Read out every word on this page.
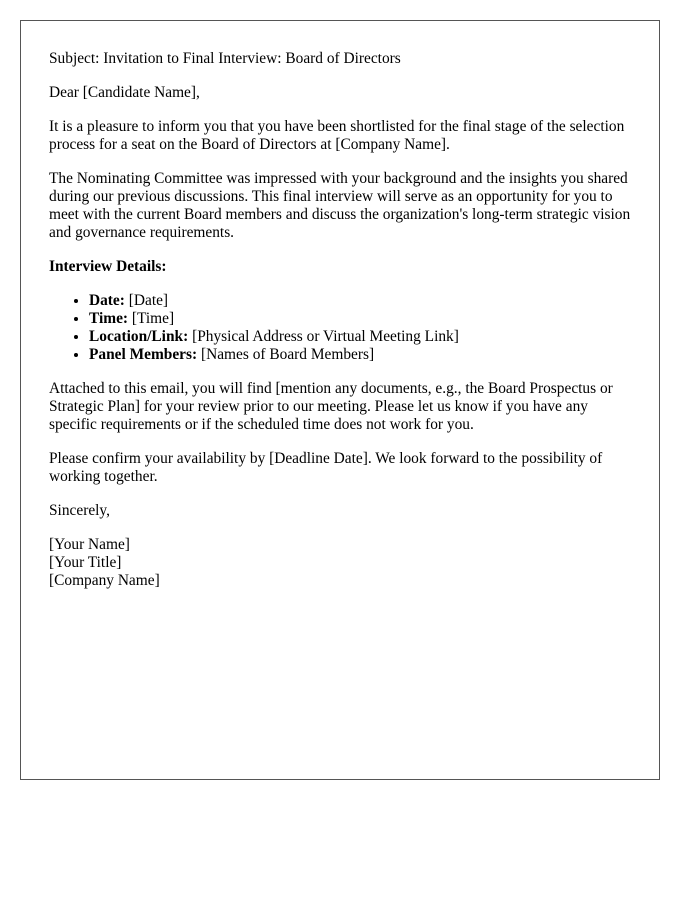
Subject: Invitation to Final Interview: Board of Directors

Dear [Candidate Name],

It is a pleasure to inform you that you have been shortlisted for the final stage of the selection process for a seat on the Board of Directors at [Company Name].

The Nominating Committee was impressed with your background and the insights you shared during our previous discussions. This final interview will serve as an opportunity for you to meet with the current Board members and discuss the organization's long-term strategic vision and governance requirements.

Interview Details:

• Date: [Date]
• Time: [Time]
• Location/Link: [Physical Address or Virtual Meeting Link]
• Panel Members: [Names of Board Members]

Attached to this email, you will find [mention any documents, e.g., the Board Prospectus or Strategic Plan] for your review prior to our meeting. Please let us know if you have any specific requirements or if the scheduled time does not work for you.

Please confirm your availability by [Deadline Date]. We look forward to the possibility of working together.

Sincerely,

[Your Name]

[Your Title]

[Company Name]
